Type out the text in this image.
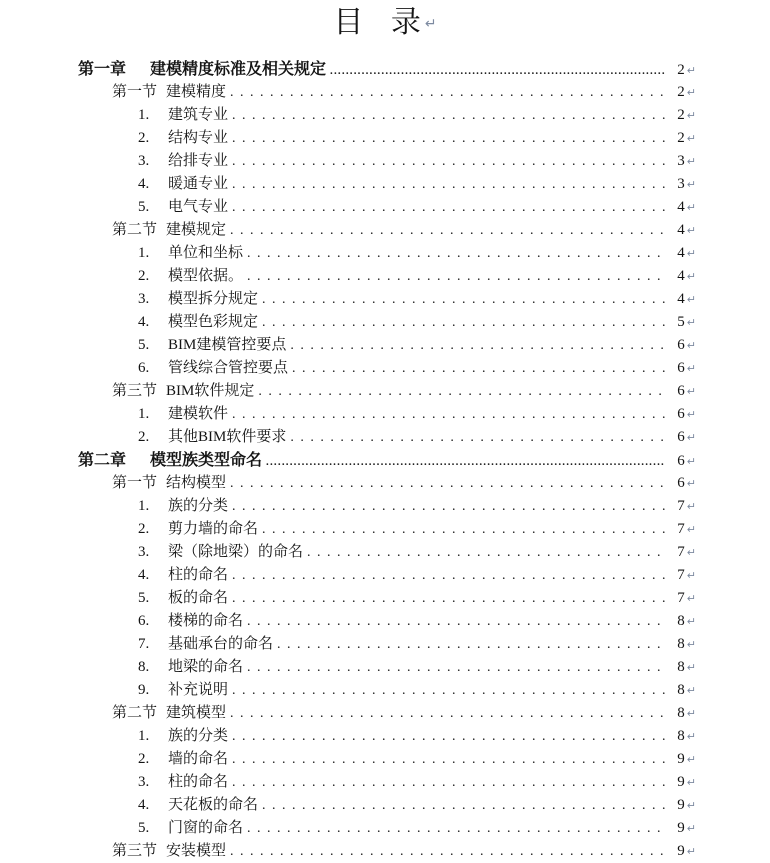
目 录 ↵
第一章 建模精度标准及相关规定 .....	2 ↵
第一节 建模精度 .....	2 ↵
1.	建筑专业 .....	2 ↵
2.	结构专业 .....	2 ↵
3.	给排专业 .....	3 ↵
4.	暖通专业 .....	3 ↵
5.	电气专业 .....	4 ↵
第二节 建模规定 .....	4 ↵
1.	单位和坐标 .....	4 ↵
2.	模型依据。 .....	4 ↵
3.	模型拆分规定 .....	4 ↵
4.	模型色彩规定 .....	5 ↵
5.	BIM建模管控要点 .....	6 ↵
6.	管线综合管控要点 .....	6 ↵
第三节 BIM软件规定 .....	6 ↵
1.	建模软件 .....	6 ↵
2.	其他BIM软件要求 .....	6 ↵
第二章 模型族类型命名 .....	6 ↵
第一节 结构模型 .....	6 ↵
1.	族的分类 .....	7 ↵
2.	剪力墙的命名 .....	7 ↵
3.	梁（除地梁）的命名 .....	7 ↵
4.	柱的命名 .....	7 ↵
5.	板的命名 .....	7 ↵
6.	楼梯的命名 .....	8 ↵
7.	基础承台的命名 .....	8 ↵
8.	地梁的命名 .....	8 ↵
9.	补充说明 .....	8 ↵
第二节 建筑模型 .....	8 ↵
1.	族的分类 .....	8 ↵
2.	墙的命名 .....	9 ↵
3.	柱的命名 .....	9 ↵
4.	天花板的命名 .....	9 ↵
5.	门窗的命名 .....	9 ↵
第三节 安装模型 .....	9 ↵
